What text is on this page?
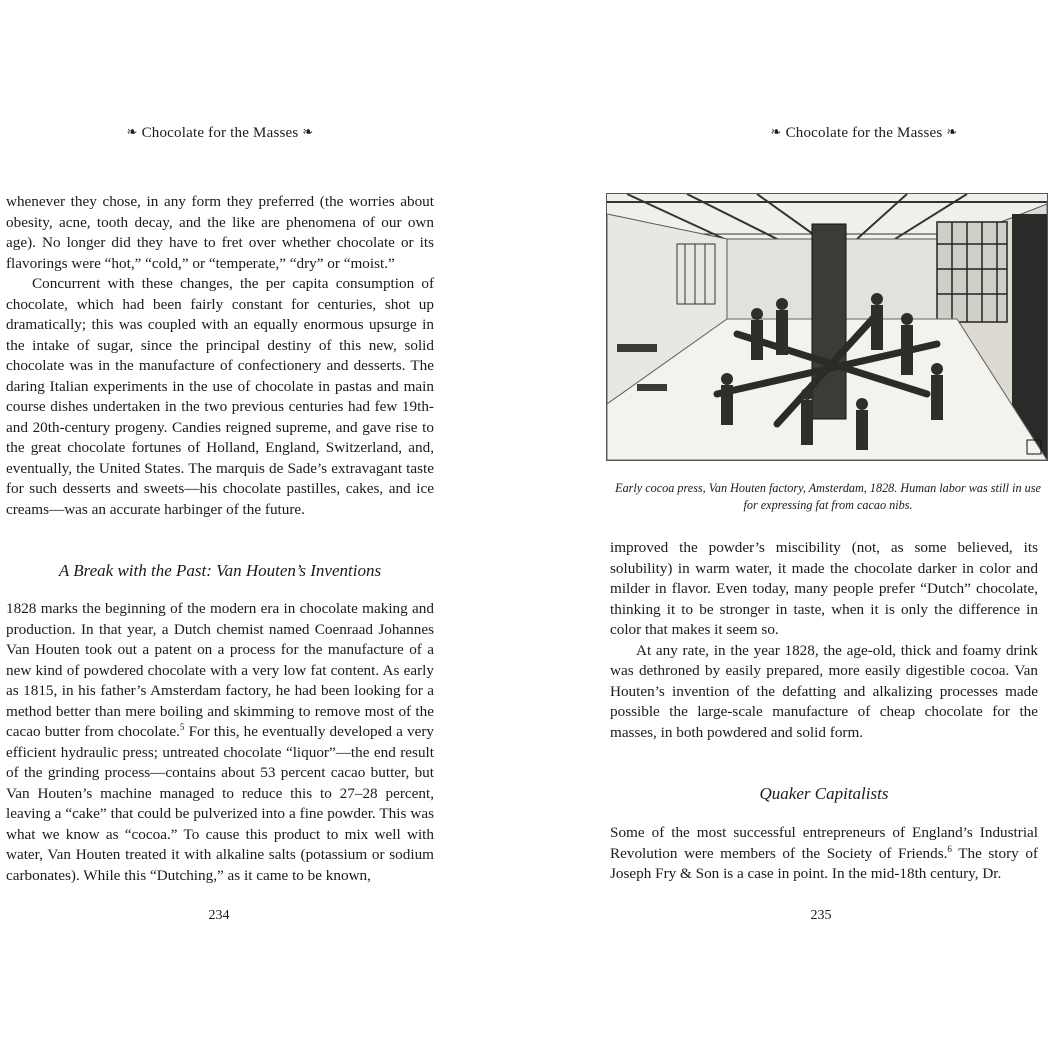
❧ Chocolate for the Masses ❧

whenever they chose, in any form they preferred (the worries about obesity, acne, tooth decay, and the like are phenomena of our own age). No longer did they have to fret over whether chocolate or its flavorings were “hot,” “cold,” or “temperate,” “dry” or “moist.”

Concurrent with these changes, the per capita consumption of chocolate, which had been fairly constant for centuries, shot up dramatically; this was coupled with an equally enormous upsurge in the intake of sugar, since the principal destiny of this new, solid chocolate was in the manufacture of confectionery and desserts. The daring Italian experiments in the use of chocolate in pastas and main course dishes undertaken in the two previous centuries had few 19th- and 20th-century progeny. Candies reigned supreme, and gave rise to the great chocolate fortunes of Holland, England, Switzerland, and, eventually, the United States. The marquis de Sade’s extravagant taste for such desserts and sweets—his chocolate pastilles, cakes, and ice creams—was an accurate harbinger of the future.

A Break with the Past: Van Houten’s Inventions

1828 marks the beginning of the modern era in chocolate making and production. In that year, a Dutch chemist named Coenraad Johannes Van Houten took out a patent on a process for the manufacture of a new kind of powdered chocolate with a very low fat content. As early as 1815, in his father’s Amsterdam factory, he had been looking for a method better than mere boiling and skimming to remove most of the cacao butter from chocolate.$^5$ For this, he eventually developed a very efficient hydraulic press; untreated chocolate “liquor”—the end result of the grinding process—contains about 53 percent cacao butter, but Van Houten’s machine managed to reduce this to 27–28 percent, leaving a “cake” that could be pulverized into a fine powder. This was what we know as “cocoa.” To cause this product to mix well with water, Van Houten treated it with alkaline salts (potassium or sodium carbonates). While this “Dutching,” as it came to be known,

234
❧ Chocolate for the Masses ❧
Early cocoa press, Van Houten factory, Amsterdam, 1828. Human labor was still in use for expressing fat from cacao nibs.

improved the powder’s miscibility (not, as some believed, its solubility) in warm water, it made the chocolate darker in color and milder in flavor. Even today, many people prefer “Dutch” chocolate, thinking it to be stronger in taste, when it is only the difference in color that makes it seem so.

At any rate, in the year 1828, the age-old, thick and foamy drink was dethroned by easily prepared, more easily digestible cocoa. Van Houten’s invention of the defatting and alkalizing processes made possible the large-scale manufacture of cheap chocolate for the masses, in both powdered and solid form.

Quaker Capitalists

Some of the most successful entrepreneurs of England’s Industrial Revolution were members of the Society of Friends.$^6$ The story of Joseph Fry & Son is a case in point. In the mid-18th century, Dr.

235
